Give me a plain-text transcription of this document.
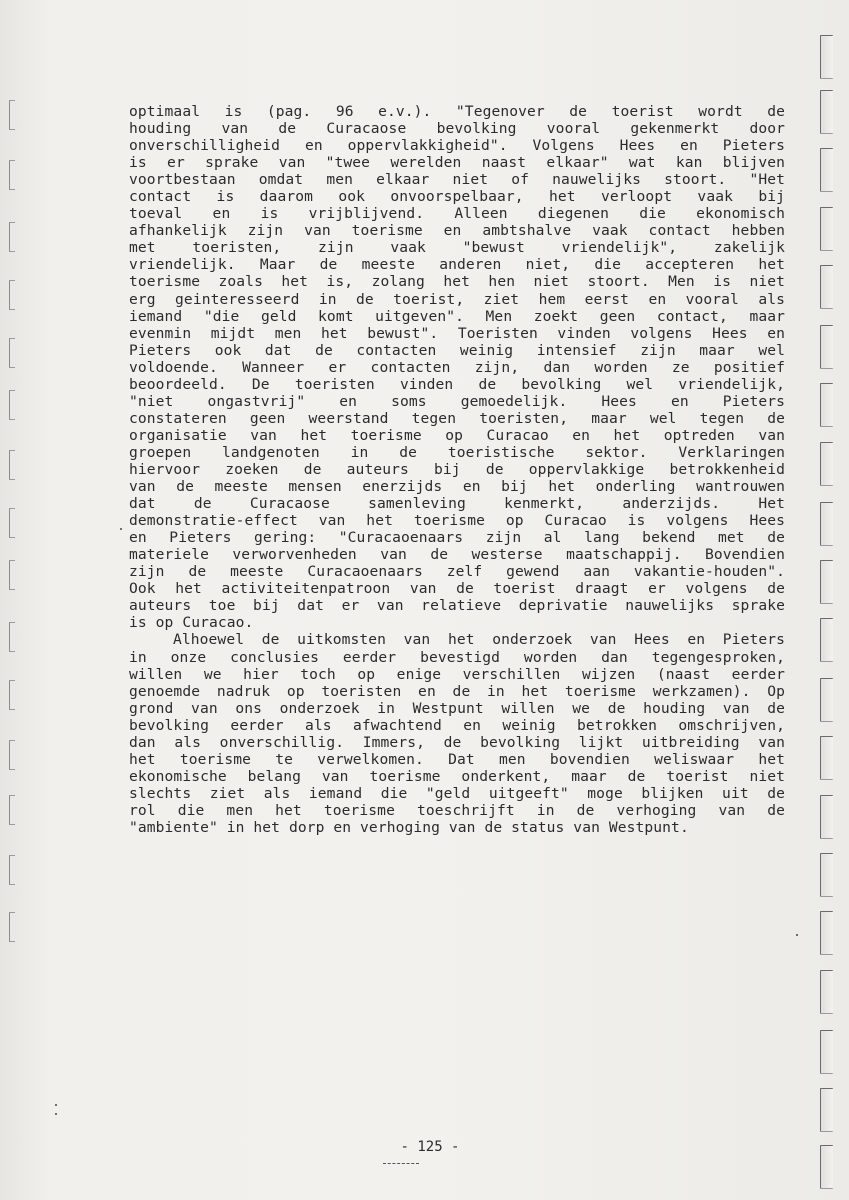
optimaal is (pag. 96 e.v.). "Tegenover de toerist wordt de
houding van de Curacaose bevolking vooral gekenmerkt door
onverschilligheid en oppervlakkigheid". Volgens Hees en Pieters
is er sprake van "twee werelden naast elkaar" wat kan blijven
voortbestaan omdat men elkaar niet of nauwelijks stoort. "Het
contact is daarom ook onvoorspelbaar, het verloopt vaak bij
toeval en is vrijblijvend. Alleen diegenen die ekonomisch
afhankelijk zijn van toerisme en ambtshalve vaak contact hebben
met toeristen, zijn vaak "bewust vriendelijk", zakelijk
vriendelijk. Maar de meeste anderen niet, die accepteren het
toerisme zoals het is, zolang het hen niet stoort. Men is niet
erg geinteresseerd in de toerist, ziet hem eerst en vooral als
iemand "die geld komt uitgeven". Men zoekt geen contact, maar
evenmin mijdt men het bewust". Toeristen vinden volgens Hees en
Pieters ook dat de contacten weinig intensief zijn maar wel
voldoende. Wanneer er contacten zijn, dan worden ze positief
beoordeeld. De toeristen vinden de bevolking wel vriendelijk,
"niet ongastvrij" en soms gemoedelijk. Hees en Pieters
constateren geen weerstand tegen toeristen, maar wel tegen de
organisatie van het toerisme op Curacao en het optreden van
groepen landgenoten in de toeristische sektor. Verklaringen
hiervoor zoeken de auteurs bij de oppervlakkige betrokkenheid
van de meeste mensen enerzijds en bij het onderling wantrouwen
dat de Curacaose samenleving kenmerkt, anderzijds. Het
demonstratie-effect van het toerisme op Curacao is volgens Hees
en Pieters gering: "Curacaoenaars zijn al lang bekend met de
materiele verworvenheden van de westerse maatschappij. Bovendien
zijn de meeste Curacaoenaars zelf gewend aan vakantie-houden".
Ook het activiteitenpatroon van de toerist draagt er volgens de
auteurs toe bij dat er van relatieve deprivatie nauwelijks sprake
is op Curacao.
Alhoewel de uitkomsten van het onderzoek van Hees en Pieters
in onze conclusies eerder bevestigd worden dan tegengesproken,
willen we hier toch op enige verschillen wijzen (naast eerder
genoemde nadruk op toeristen en de in het toerisme werkzamen). Op
grond van ons onderzoek in Westpunt willen we de houding van de
bevolking eerder als afwachtend en weinig betrokken omschrijven,
dan als onverschillig. Immers, de bevolking lijkt uitbreiding van
het toerisme te verwelkomen. Dat men bovendien weliswaar het
ekonomische belang van toerisme onderkent, maar de toerist niet
slechts ziet als iemand die "geld uitgeeft" moge blijken uit de
rol die men het toerisme toeschrijft in de verhoging van de
"ambiente" in het dorp en verhoging van de status van Westpunt.
- 125 -
